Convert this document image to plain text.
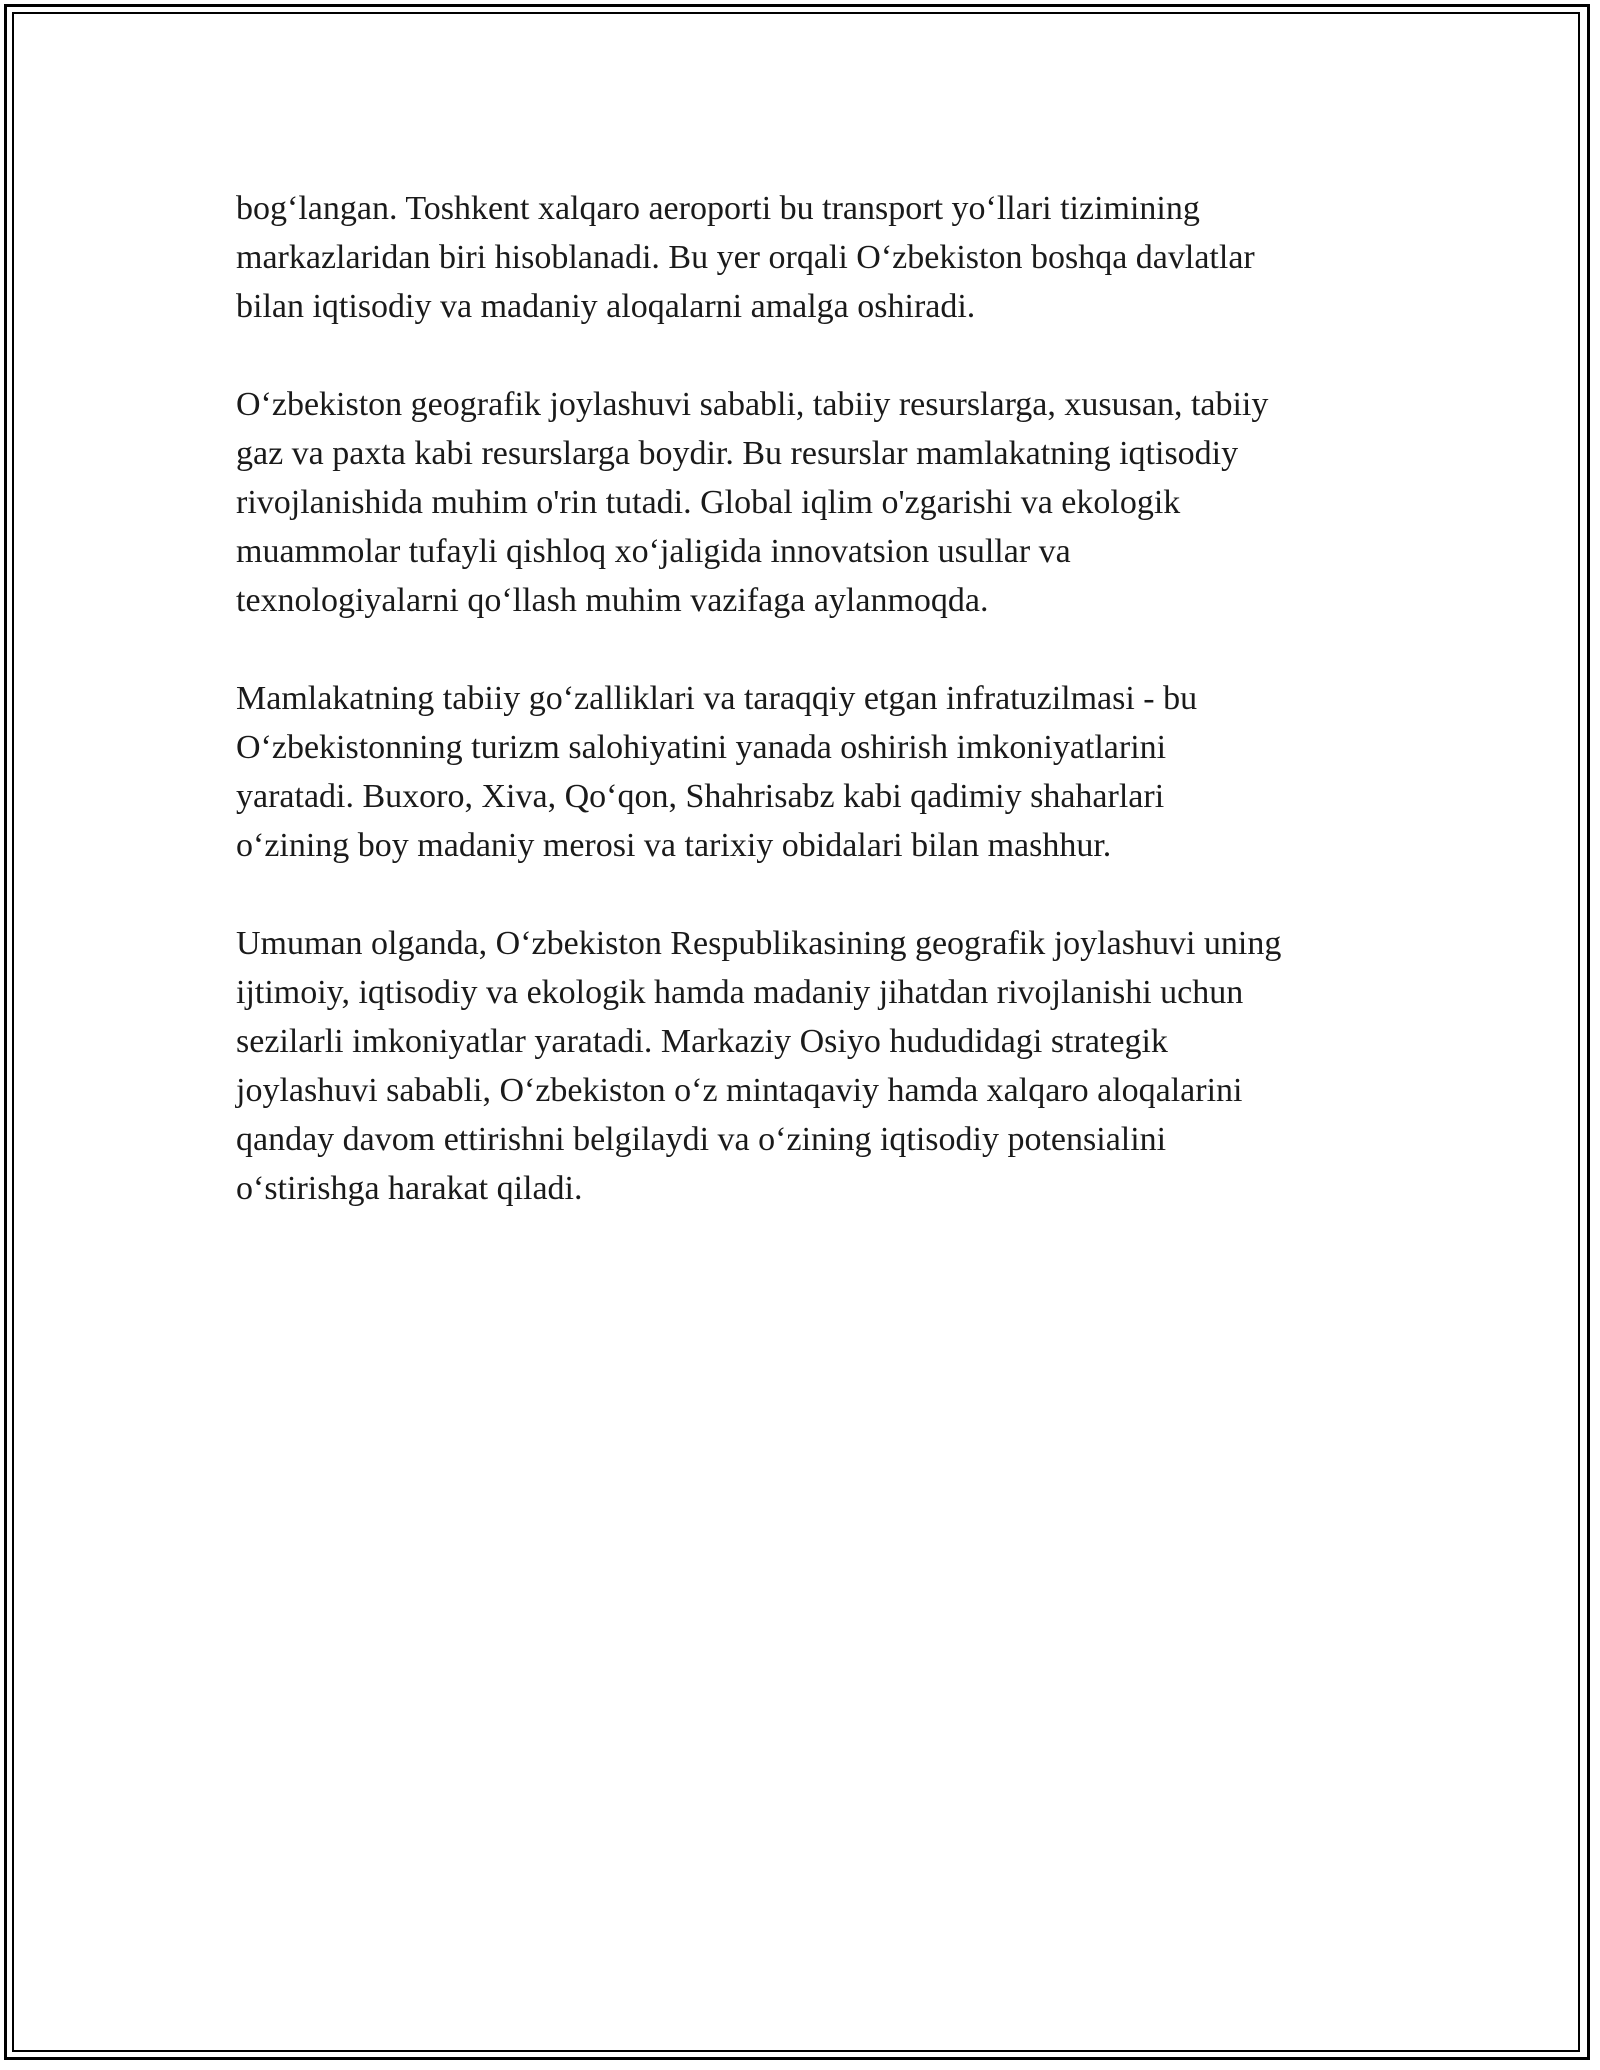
bog‘langan. Toshkent xalqaro aeroporti bu transport yo‘llari tizimining
markazlaridan biri hisoblanadi. Bu yer orqali O‘zbekiston boshqa davlatlar
bilan iqtisodiy va madaniy aloqalarni amalga oshiradi.

O‘zbekiston geografik joylashuvi sababli, tabiiy resurslarga, xususan, tabiiy
gaz va paxta kabi resurslarga boydir. Bu resurslar mamlakatning iqtisodiy
rivojlanishida muhim o'rin tutadi. Global iqlim o'zgarishi va ekologik
muammolar tufayli qishloq xo‘jaligida innovatsion usullar va
texnologiyalarni qo‘llash muhim vazifaga aylanmoqda.

Mamlakatning tabiiy go‘zalliklari va taraqqiy etgan infratuzilmasi - bu
O‘zbekistonning turizm salohiyatini yanada oshirish imkoniyatlarini
yaratadi. Buxoro, Xiva, Qo‘qon, Shahrisabz kabi qadimiy shaharlari
o‘zining boy madaniy merosi va tarixiy obidalari bilan mashhur.

Umuman olganda, O‘zbekiston Respublikasining geografik joylashuvi uning
ijtimoiy, iqtisodiy va ekologik hamda madaniy jihatdan rivojlanishi uchun
sezilarli imkoniyatlar yaratadi. Markaziy Osiyo hududidagi strategik
joylashuvi sababli, O‘zbekiston o‘z mintaqaviy hamda xalqaro aloqalarini
qanday davom ettirishni belgilaydi va o‘zining iqtisodiy potensialini
o‘stirishga harakat qiladi.
